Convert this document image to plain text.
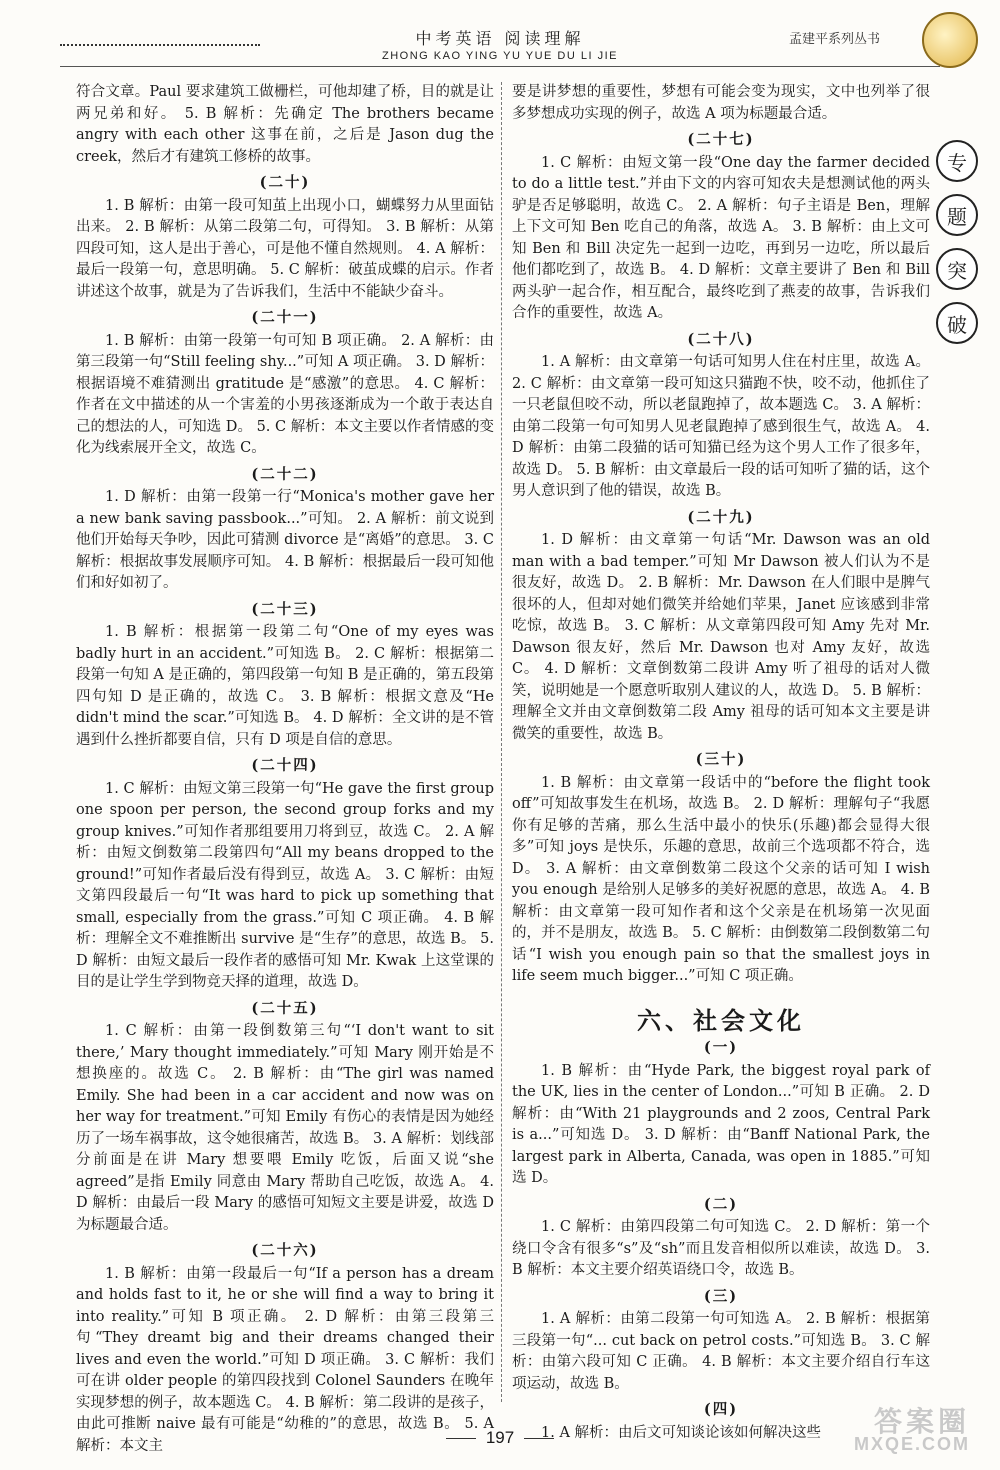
中考英语 阅读理解
ZHONG KAO YING YU YUE DU LI JIE
孟建平系列丛书
专
题
突
破

符合文章。Paul 要求建筑工做栅栏，可他却建了桥，目的就是让两兄弟和好。 5. B 解析：先确定 The brothers became angry with each other 这事在前，之后是 Jason dug the creek，然后才有建筑工修桥的故事。

(二十)

1. B 解析：由第一段可知茧上出现小口，蝴蝶努力从里面钻出来。 2. B 解析：从第二段第二句，可得知。 3. B 解析：从第四段可知，这人是出于善心，可是他不懂自然规则。 4. A 解析：最后一段第一句，意思明确。 5. C 解析：破茧成蝶的启示。作者讲述这个故事，就是为了告诉我们，生活中不能缺少奋斗。

(二十一)

1. B 解析：由第一段第一句可知 B 项正确。 2. A 解析：由第三段第一句“Still feeling shy...”可知 A 项正确。 3. D 解析：根据语境不难猜测出 gratitude 是“感激”的意思。 4. C 解析：作者在文中描述的从一个害羞的小男孩逐渐成为一个敢于表达自己的想法的人，可知选 D。 5. C 解析：本文主要以作者情感的变化为线索展开全文，故选 C。

(二十二)

1. D 解析：由第一段第一行“Monica's mother gave her a new bank saving passbook...”可知。 2. A 解析：前文说到他们开始每天争吵，因此可猜测 divorce 是“离婚”的意思。 3. C 解析：根据故事发展顺序可知。 4. B 解析：根据最后一段可知他们和好如初了。

(二十三)

1. B 解析：根据第一段第二句“One of my eyes was badly hurt in an accident.”可知选 B。 2. C 解析：根据第二段第一句知 A 是正确的，第四段第一句知 B 是正确的，第五段第四句知 D 是正确的，故选 C。 3. B 解析：根据文意及“He didn't mind the scar.”可知选 B。 4. D 解析：全文讲的是不管遇到什么挫折都要自信，只有 D 项是自信的意思。

(二十四)

1. C 解析：由短文第三段第一句“He gave the first group one spoon per person, the second group forks and my group knives.”可知作者那组要用刀将到豆，故选 C。 2. A 解析：由短文倒数第二段第四句“All my beans dropped to the ground!”可知作者最后没有得到豆，故选 A。 3. C 解析：由短文第四段最后一句“It was hard to pick up something that small, especially from the grass.”可知 C 项正确。 4. B 解析：理解全文不难推断出 survive 是“生存”的意思，故选 B。 5. D 解析：由短文最后一段作者的感悟可知 Mr. Kwak 上这堂课的目的是让学生学到物竞天择的道理，故选 D。

(二十五)

1. C 解析：由第一段倒数第三句“‘I don't want to sit there,’ Mary thought immediately.”可知 Mary 刚开始是不想换座的。故选 C。 2. B 解析：由“The girl was named Emily. She had been in a car accident and now was on her way for treatment.”可知 Emily 有伤心的表情是因为她经历了一场车祸事故，这令她很痛苦，故选 B。 3. A 解析：划线部分前面是在讲 Mary 想要喂 Emily 吃饭，后面又说“she agreed”是指 Emily 同意由 Mary 帮助自己吃饭，故选 A。 4. D 解析：由最后一段 Mary 的感悟可知短文主要是讲爱，故选 D 为标题最合适。

(二十六)

1. B 解析：由第一段最后一句“If a person has a dream and holds fast to it, he or she will find a way to bring it into reality.”可知 B 项正确。 2. D 解析：由第三段第三句“They dreamt big and their dreams changed their lives and even the world.”可知 D 项正确。 3. C 解析：我们可在讲 older people 的第四段找到 Colonel Saunders 在晚年实现梦想的例子，故本题选 C。 4. B 解析：第二段讲的是孩子，由此可推断 naive 最有可能是“幼稚的”的意思，故选 B。 5. A 解析：本文主

要是讲梦想的重要性，梦想有可能会变为现实，文中也列举了很多梦想成功实现的例子，故选 A 项为标题最合适。

(二十七)

1. C 解析：由短文第一段“One day the farmer decided to do a little test.”并由下文的内容可知农夫是想测试他的两头驴是否足够聪明，故选 C。 2. A 解析：句子主语是 Ben，理解上下文可知 Ben 吃自己的角落，故选 A。 3. B 解析：由上文可知 Ben 和 Bill 决定先一起到一边吃，再到另一边吃，所以最后他们都吃到了，故选 B。 4. D 解析：文章主要讲了 Ben 和 Bill 两头驴一起合作，相互配合，最终吃到了燕麦的故事，告诉我们合作的重要性，故选 A。

(二十八)

1. A 解析：由文章第一句话可知男人住在村庄里，故选 A。 2. C 解析：由文章第一段可知这只猫跑不快，咬不动，他抓住了一只老鼠但咬不动，所以老鼠跑掉了，故本题选 C。 3. A 解析：由第二段第一句可知男人见老鼠跑掉了感到很生气，故选 A。 4. D 解析：由第二段猫的话可知猫已经为这个男人工作了很多年，故选 D。 5. B 解析：由文章最后一段的话可知听了猫的话，这个男人意识到了他的错误，故选 B。

(二十九)

1. D 解析：由文章第一句话“Mr. Dawson was an old man with a bad temper.”可知 Mr Dawson 被人们认为不是很友好，故选 D。 2. B 解析：Mr. Dawson 在人们眼中是脾气很坏的人，但却对她们微笑并给她们苹果，Janet 应该感到非常吃惊，故选 B。 3. C 解析：从文章第四段可知 Amy 先对 Mr. Dawson 很友好，然后 Mr. Dawson 也对 Amy 友好，故选 C。 4. D 解析：文章倒数第二段讲 Amy 听了祖母的话对人微笑，说明她是一个愿意听取别人建议的人，故选 D。 5. B 解析：理解全文并由文章倒数第二段 Amy 祖母的话可知本文主要是讲微笑的重要性，故选 B。

(三十)

1. B 解析：由文章第一段话中的“before the flight took off”可知故事发生在机场，故选 B。 2. D 解析：理解句子“我愿你有足够的苦痛，那么生活中最小的快乐(乐趣)都会显得大很多”可知 joys 是快乐，乐趣的意思，故前三个选项都不符合，选 D。 3. A 解析：由文章倒数第二段这个父亲的话可知 I wish you enough 是给别人足够多的美好祝愿的意思，故选 A。 4. B 解析：由文章第一段可知作者和这个父亲是在机场第一次见面的，并不是朋友，故选 B。 5. C 解析：由倒数第二段倒数第二句话“I wish you enough pain so that the smallest joys in life seem much bigger...”可知 C 项正确。

六、社会文化
(一)

1. B 解析：由“Hyde Park, the biggest royal park of the UK, lies in the center of London...”可知 B 正确。 2. D 解析：由“With 21 playgrounds and 2 zoos, Central Park is a...”可知选 D。 3. D 解析：由“Banff National Park, the largest park in Alberta, Canada, was open in 1885.”可知选 D。

(二)

1. C 解析：由第四段第二句可知选 C。 2. D 解析：第一个绕口令含有很多“s”及“sh”而且发音相似所以难读，故选 D。 3. B 解析：本文主要介绍英语绕口令，故选 B。

(三)

1. A 解析：由第二段第一句可知选 A。 2. B 解析：根据第三段第一句“... cut back on petrol costs.”可知选 B。 3. C 解析：由第六段可知 C 正确。 4. B 解析：本文主要介绍自行车这项运动，故选 B。

(四)

1. A 解析：由后文可知谈论该如何解决这些

197
答案圈
MXQE.COM
